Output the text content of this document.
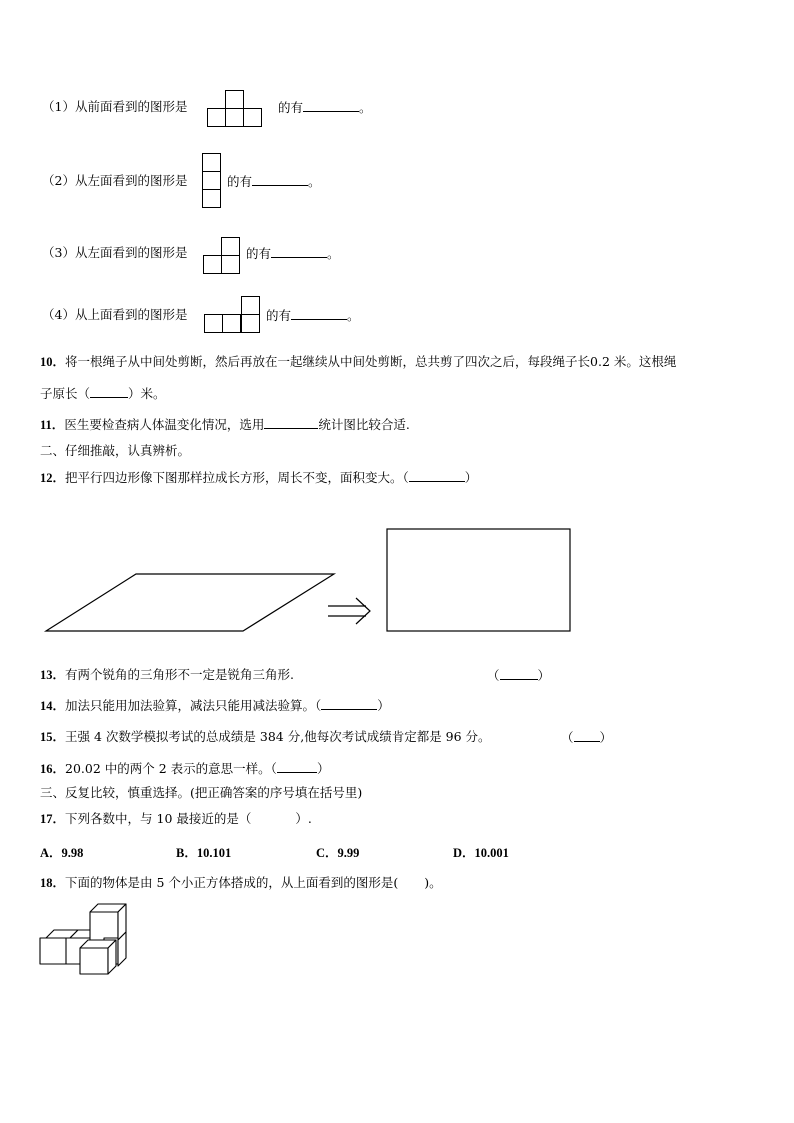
（1）从前面看到的图形是	的有	。
（2）从左面看到的图形是	的有	。
（3）从左面看到的图形是	的有	。
（4）从上面看到的图形是	的有	。
10．将一根绳子从中间处剪断，然后再放在一起继续从中间处剪断，总共剪了四次之后，每段绳子长0.2 米。这根绳
子原长（	）米。
11．医生要检查病人体温变化情况，选用	统计图比较合适.
二、仔细推敲，认真辨析。
12．把平行四边形像下图那样拉成长方形，周长不变，面积变大。（	）
13．有两个锐角的三角形不一定是锐角三角形.	（	）
14．加法只能用加法验算，减法只能用减法验算。（	）
15．王强 4 次数学模拟考试的总成绩是 384 分,他每次考试成绩肯定都是 96 分。	（ ）
16．20.02 中的两个 2 表示的意思一样。（	）
三、反复比较，慎重选择。(把正确答案的序号填在括号里)
17．下列各数中，与 10 最接近的是（	）.
A．9.98	B．10.101	C．9.99	D．10.001
18．下面的物体是由 5 个小正方体搭成的，从上面看到的图形是( )。
